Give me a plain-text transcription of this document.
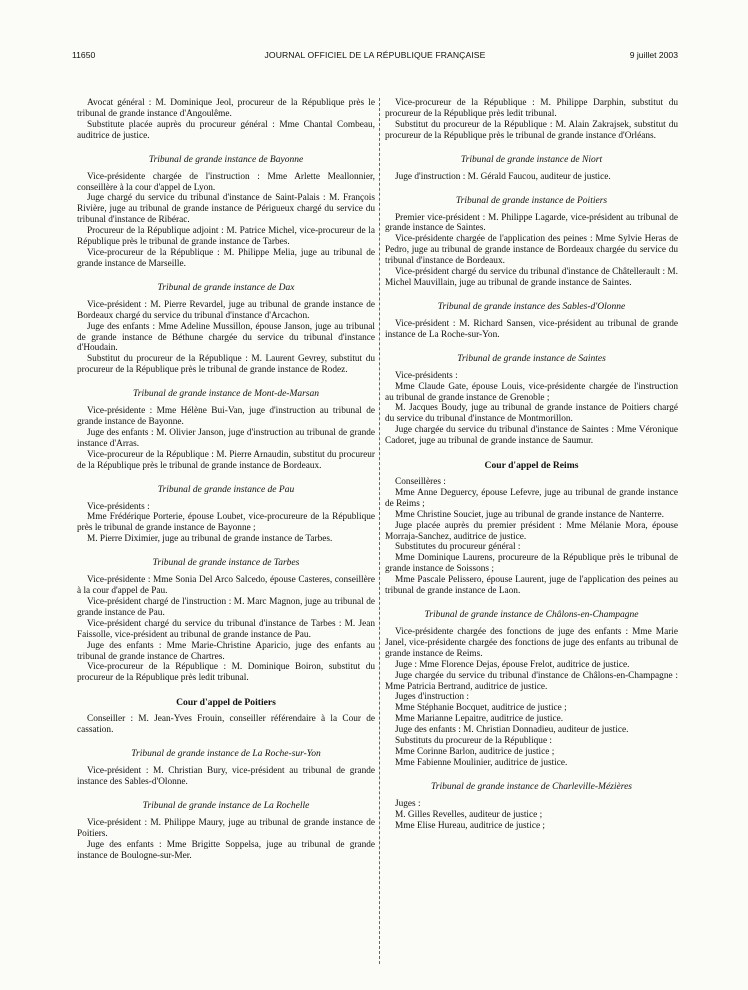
11650	JOURNAL OFFICIEL DE LA RÉPUBLIQUE FRANÇAISE	9 juillet 2003

Avocat général : M. Dominique Jeol, procureur de la République près le tribunal de grande instance d'Angoulême.

Substitute placée auprès du procureur général : Mme Chantal Combeau, auditrice de justice.

Tribunal de grande instance de Bayonne

Vice-présidente chargée de l'instruction : Mme Arlette Meallonnier, conseillère à la cour d'appel de Lyon.

Juge chargé du service du tribunal d'instance de Saint-Palais : M. François Rivière, juge au tribunal de grande instance de Périgueux chargé du service du tribunal d'instance de Ribérac.

Procureur de la République adjoint : M. Patrice Michel, vice-procureur de la République près le tribunal de grande instance de Tarbes.

Vice-procureur de la République : M. Philippe Melia, juge au tribunal de grande instance de Marseille.

Tribunal de grande instance de Dax

Vice-président : M. Pierre Revardel, juge au tribunal de grande instance de Bordeaux chargé du service du tribunal d'instance d'Arcachon.

Juge des enfants : Mme Adeline Mussillon, épouse Janson, juge au tribunal de grande instance de Béthune chargée du service du tribunal d'instance d'Houdain.

Substitut du procureur de la République : M. Laurent Gevrey, substitut du procureur de la République près le tribunal de grande instance de Rodez.

Tribunal de grande instance de Mont-de-Marsan

Vice-présidente : Mme Hélène Bui-Van, juge d'instruction au tribunal de grande instance de Bayonne.

Juge des enfants : M. Olivier Janson, juge d'instruction au tribunal de grande instance d'Arras.

Vice-procureur de la République : M. Pierre Arnaudin, substitut du procureur de la République près le tribunal de grande instance de Bordeaux.

Tribunal de grande instance de Pau

Vice-présidents :

Mme Frédérique Porterie, épouse Loubet, vice-procureure de la République près le tribunal de grande instance de Bayonne ;

M. Pierre Diximier, juge au tribunal de grande instance de Tarbes.

Tribunal de grande instance de Tarbes

Vice-présidente : Mme Sonia Del Arco Salcedo, épouse Casteres, conseillère à la cour d'appel de Pau.

Vice-président chargé de l'instruction : M. Marc Magnon, juge au tribunal de grande instance de Pau.

Vice-président chargé du service du tribunal d'instance de Tarbes : M. Jean Faissolle, vice-président au tribunal de grande instance de Pau.

Juge des enfants : Mme Marie-Christine Aparicio, juge des enfants au tribunal de grande instance de Chartres.

Vice-procureur de la République : M. Dominique Boiron, substitut du procureur de la République près ledit tribunal.

Cour d'appel de Poitiers

Conseiller : M. Jean-Yves Frouin, conseiller référendaire à la Cour de cassation.

Tribunal de grande instance de La Roche-sur-Yon

Vice-président : M. Christian Bury, vice-président au tribunal de grande instance des Sables-d'Olonne.

Tribunal de grande instance de La Rochelle

Vice-président : M. Philippe Maury, juge au tribunal de grande instance de Poitiers.

Juge des enfants : Mme Brigitte Soppelsa, juge au tribunal de grande instance de Boulogne-sur-Mer.

Vice-procureur de la République : M. Philippe Darphin, substitut du procureur de la République près ledit tribunal.

Substitut du procureur de la République : M. Alain Zakrajsek, substitut du procureur de la République près le tribunal de grande instance d'Orléans.

Tribunal de grande instance de Niort

Juge d'instruction : M. Gérald Faucou, auditeur de justice.

Tribunal de grande instance de Poitiers

Premier vice-président : M. Philippe Lagarde, vice-président au tribunal de grande instance de Saintes.

Vice-présidente chargée de l'application des peines : Mme Sylvie Heras de Pedro, juge au tribunal de grande instance de Bordeaux chargée du service du tribunal d'instance de Bordeaux.

Vice-président chargé du service du tribunal d'instance de Châtellerault : M. Michel Mauvillain, juge au tribunal de grande instance de Saintes.

Tribunal de grande instance des Sables-d'Olonne

Vice-président : M. Richard Sansen, vice-président au tribunal de grande instance de La Roche-sur-Yon.

Tribunal de grande instance de Saintes

Vice-présidents :

Mme Claude Gate, épouse Louis, vice-présidente chargée de l'instruction au tribunal de grande instance de Grenoble ;

M. Jacques Boudy, juge au tribunal de grande instance de Poitiers chargé du service du tribunal d'instance de Montmorillon.

Juge chargée du service du tribunal d'instance de Saintes : Mme Véronique Cadoret, juge au tribunal de grande instance de Saumur.

Cour d'appel de Reims

Conseillères :

Mme Anne Deguercy, épouse Lefevre, juge au tribunal de grande instance de Reims ;

Mme Christine Souciet, juge au tribunal de grande instance de Nanterre.

Juge placée auprès du premier président : Mme Mélanie Mora, épouse Morraja-Sanchez, auditrice de justice.

Substitutes du procureur général :

Mme Dominique Laurens, procureure de la République près le tribunal de grande instance de Soissons ;

Mme Pascale Pelissero, épouse Laurent, juge de l'application des peines au tribunal de grande instance de Laon.

Tribunal de grande instance de Châlons-en-Champagne

Vice-présidente chargée des fonctions de juge des enfants : Mme Marie Janel, vice-présidente chargée des fonctions de juge des enfants au tribunal de grande instance de Reims.

Juge : Mme Florence Dejas, épouse Frelot, auditrice de justice.

Juge chargée du service du tribunal d'instance de Châlons-en-Champagne : Mme Patricia Bertrand, auditrice de justice.

Juges d'instruction :

Mme Stéphanie Bocquet, auditrice de justice ;

Mme Marianne Lepaitre, auditrice de justice.

Juge des enfants : M. Christian Donnadieu, auditeur de justice.

Substituts du procureur de la République :

Mme Corinne Barlon, auditrice de justice ;

Mme Fabienne Moulinier, auditrice de justice.

Tribunal de grande instance de Charleville-Mézières

Juges :

M. Gilles Revelles, auditeur de justice ;

Mme Elise Hureau, auditrice de justice ;
